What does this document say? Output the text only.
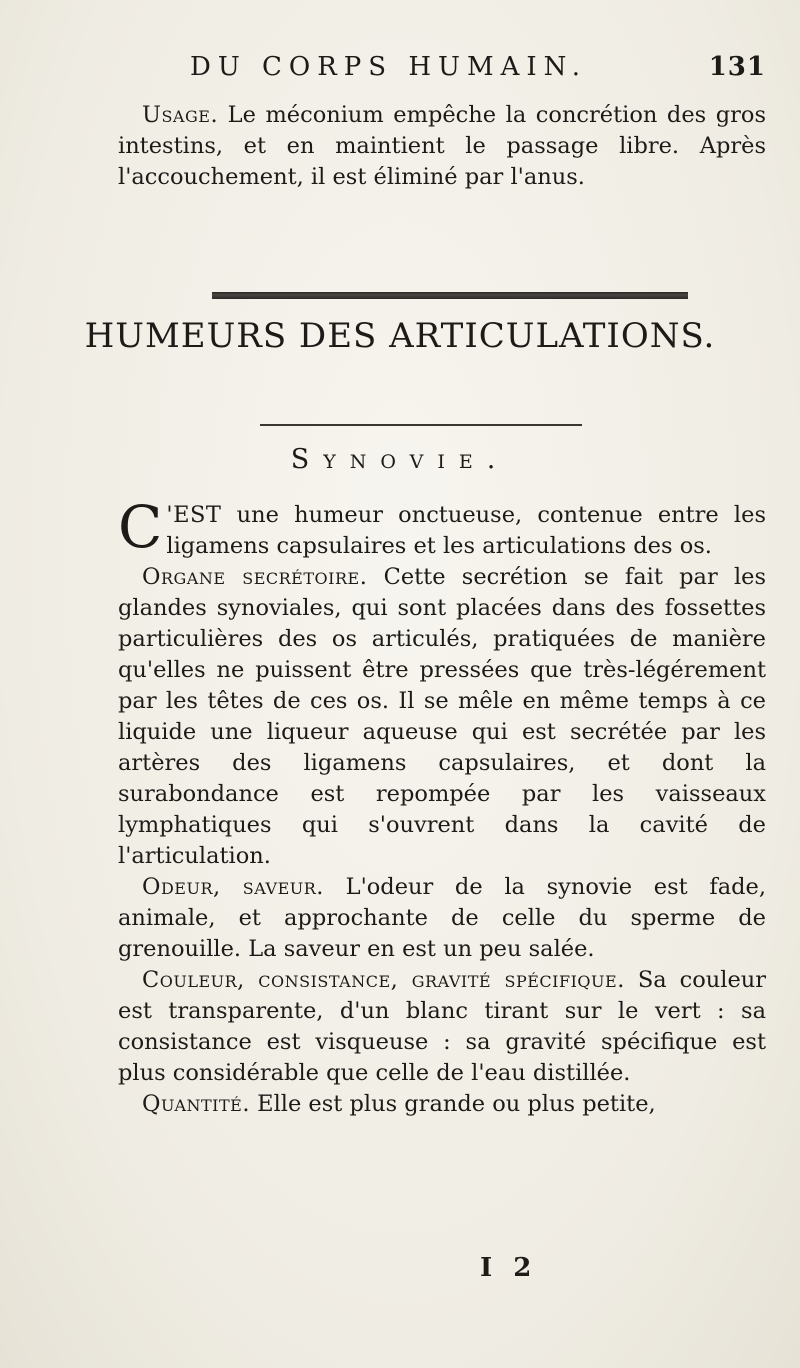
DU CORPS HUMAIN.	131

Usage. Le méconium empêche la concrétion des gros intestins, et en maintient le passage libre. Après l'accouchement, il est éliminé par l'anus.

HUMEURS DES ARTICULATIONS.
Synovie.

C 'EST une humeur onctueuse, contenue entre les ligamens capsulaires et les articulations des os.

Organe secrétoire. Cette secrétion se fait par les glandes synoviales, qui sont placées dans des fossettes particulières des os articulés, pratiquées de manière qu'elles ne puissent être pressées que très-légérement par les têtes de ces os. Il se mêle en même temps à ce liquide une liqueur aqueuse qui est secrétée par les artères des ligamens capsulaires, et dont la surabondance est repompée par les vaisseaux lymphatiques qui s'ouvrent dans la cavité de l'articulation.

Odeur, saveur. L'odeur de la synovie est fade, animale, et approchante de celle du sperme de grenouille. La saveur en est un peu salée.

Couleur, consistance, gravité spécifique. Sa couleur est transparente, d'un blanc tirant sur le vert : sa consistance est visqueuse : sa gravité spécifique est plus considérable que celle de l'eau distillée.

Quantité. Elle est plus grande ou plus petite,

I 2
